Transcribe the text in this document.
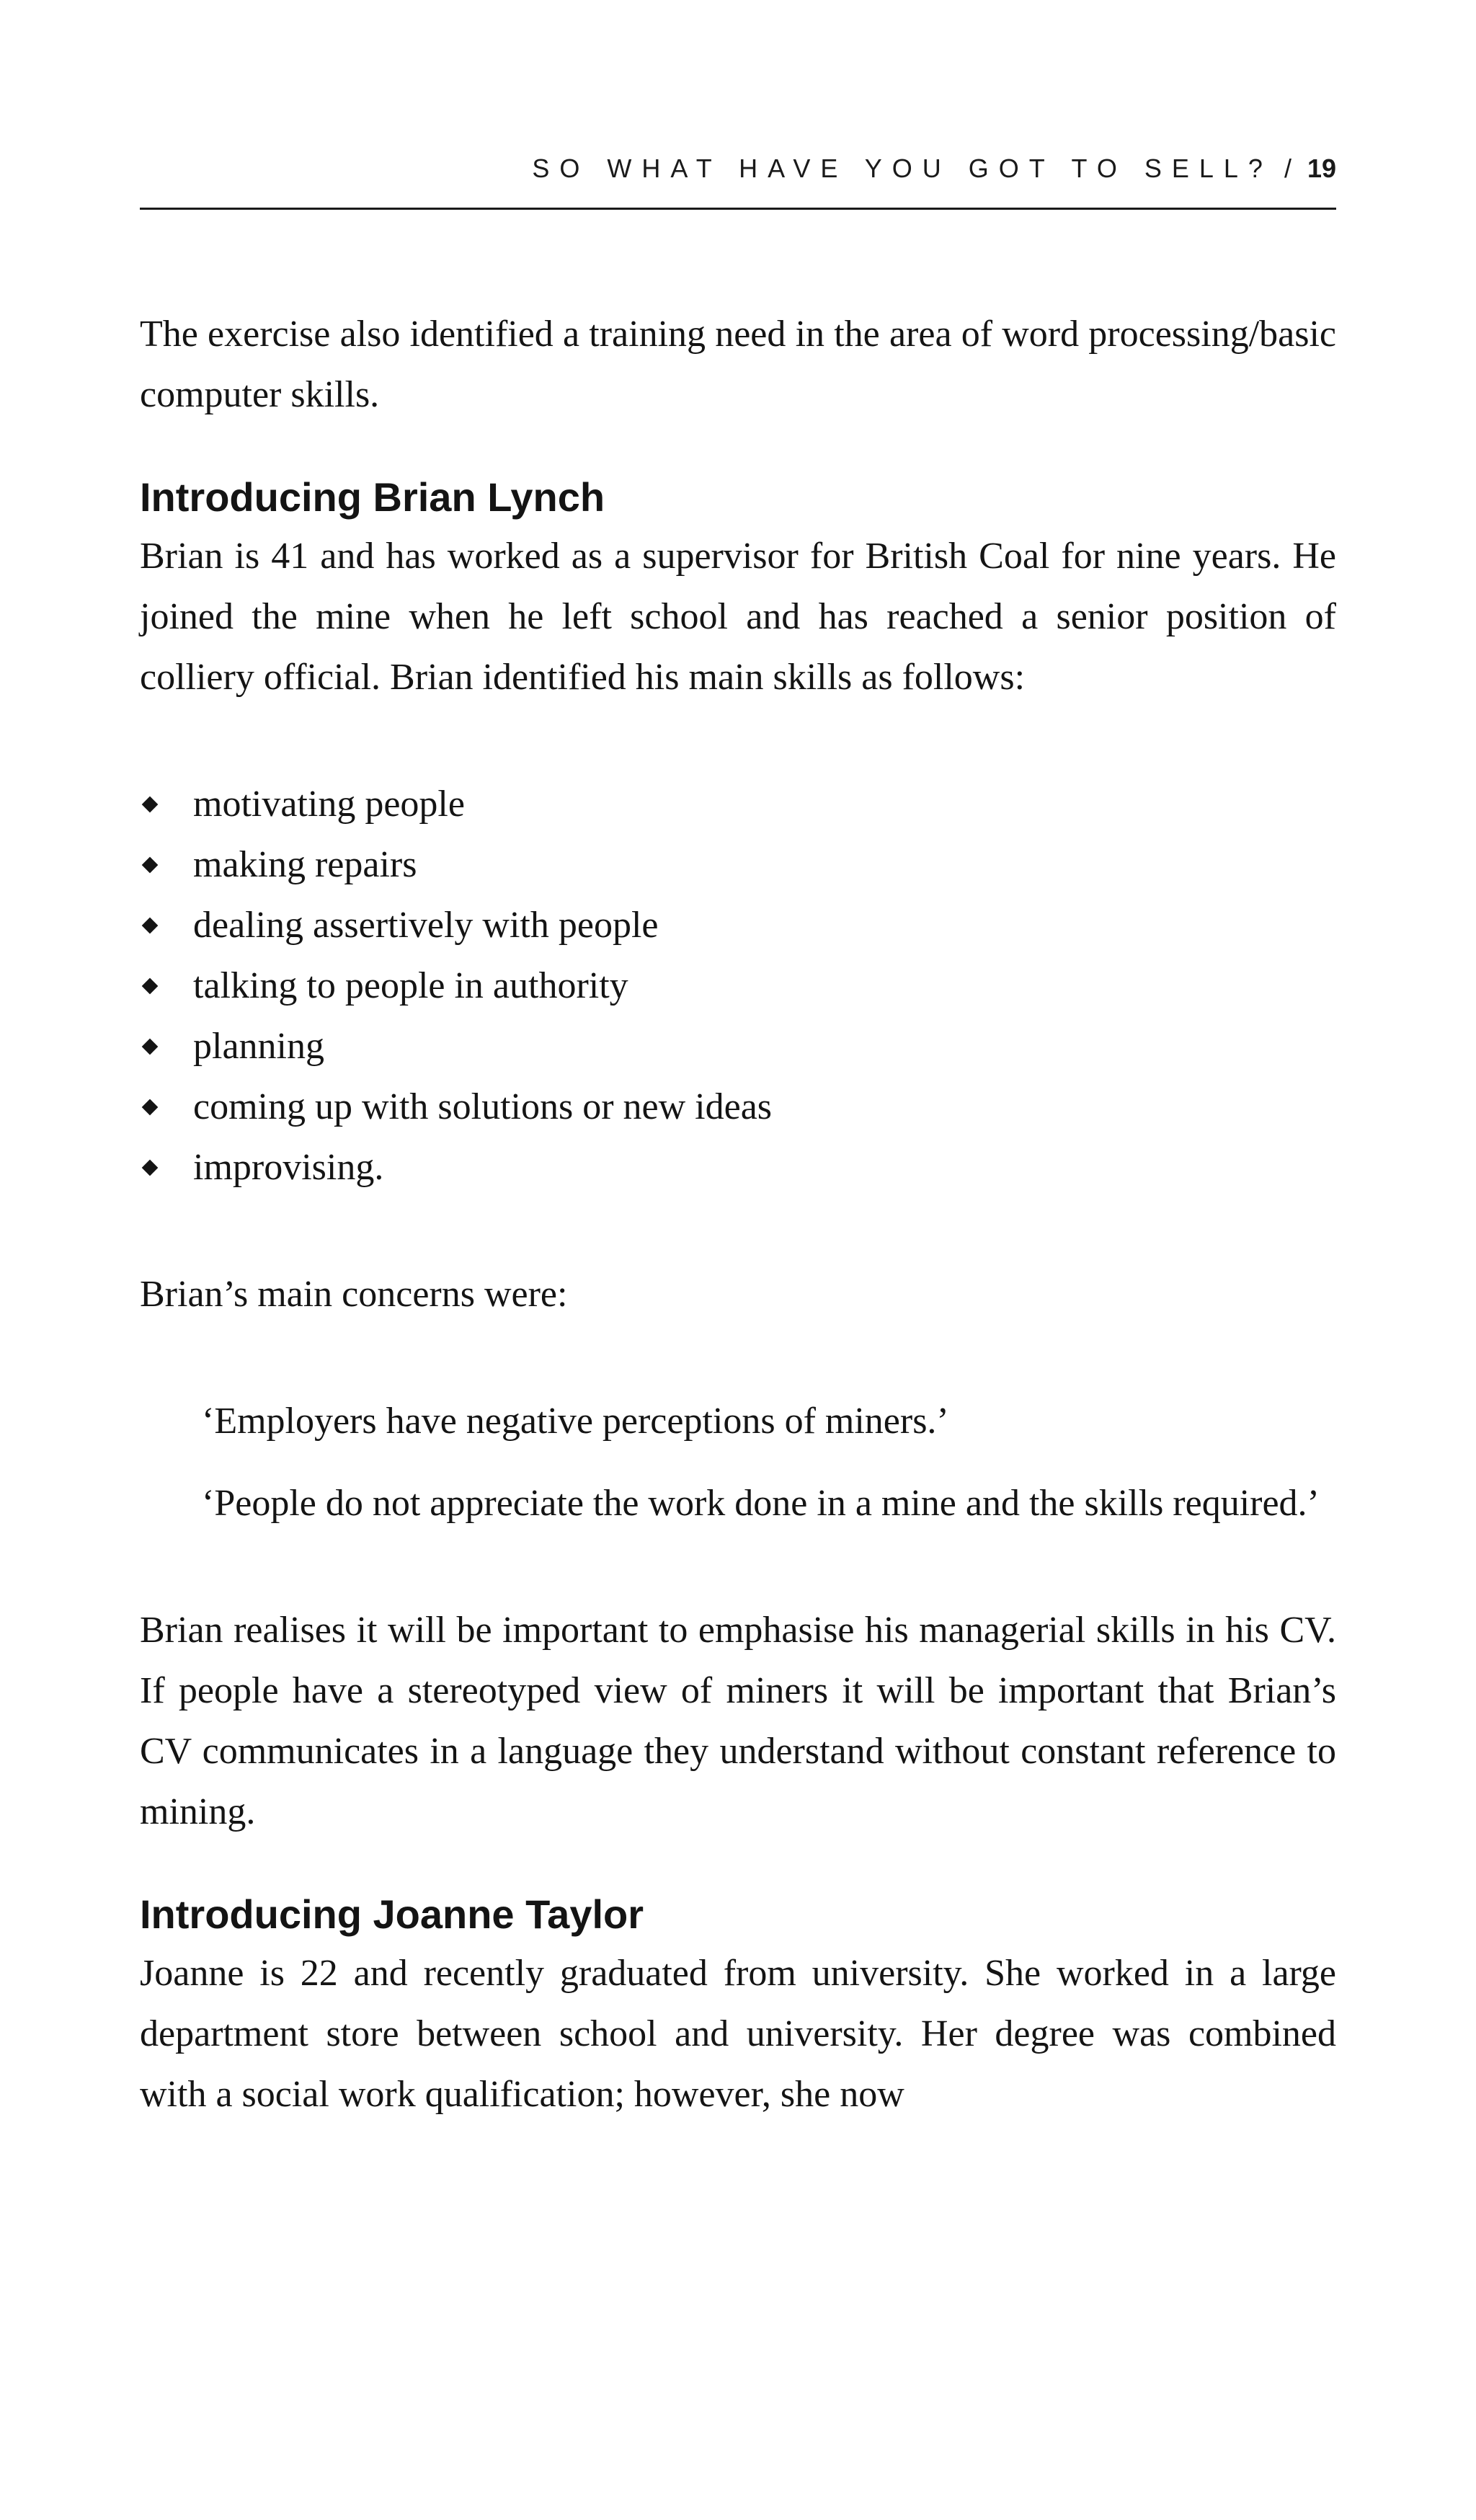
SO WHAT HAVE YOU GOT TO SELL? / 19

The exercise also identified a training need in the area of word processing/basic computer skills.

Introducing Brian Lynch

Brian is 41 and has worked as a supervisor for British Coal for nine years. He joined the mine when he left school and has reached a senior position of colliery official. Brian identified his main skills as follows:

motivating people
making repairs
dealing assertively with people
talking to people in authority
planning
coming up with solutions or new ideas
improvising.

Brian’s main concerns were:

‘Employers have negative perceptions of miners.’

‘People do not appreciate the work done in a mine and the skills required.’

Brian realises it will be important to emphasise his managerial skills in his CV. If people have a stereotyped view of miners it will be important that Brian’s CV communicates in a language they understand without constant reference to mining.

Introducing Joanne Taylor

Joanne is 22 and recently graduated from university. She worked in a large department store between school and university. Her degree was combined with a social work qualification; however, she now
